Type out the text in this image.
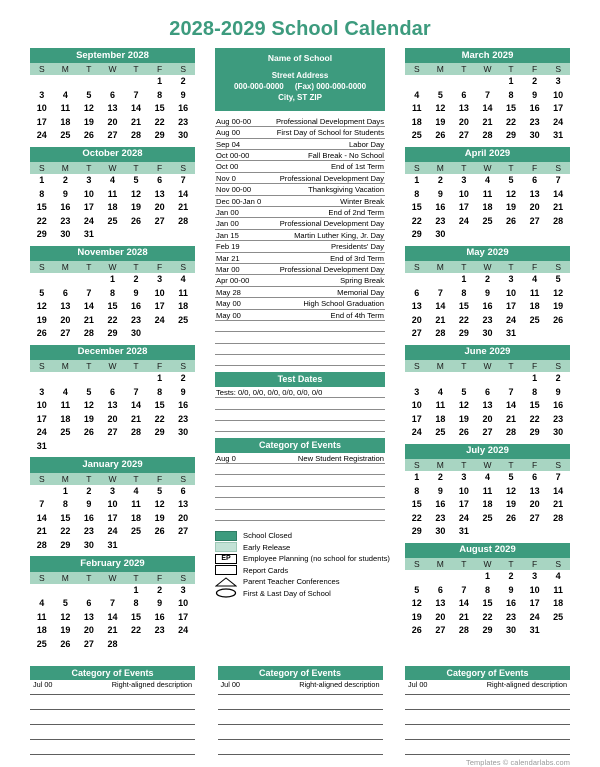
2028-2029 School Calendar
September 2028
S	M	T	W	T	F	S
					1	2
3	4	5	6	7	8	9
10	11	12	13	14	15	16
17	18	19	20	21	22	23
24	25	26	27	28	29	30
October 2028
S	M	T	W	T	F	S
1	2	3	4	5	6	7
8	9	10	11	12	13	14
15	16	17	18	19	20	21
22	23	24	25	26	27	28
29	30	31				
November 2028
S	M	T	W	T	F	S
			1	2	3	4
5	6	7	8	9	10	11
12	13	14	15	16	17	18
19	20	21	22	23	24	25
26	27	28	29	30		
December 2028
S	M	T	W	T	F	S
					1	2
3	4	5	6	7	8	9
10	11	12	13	14	15	16
17	18	19	20	21	22	23
24	25	26	27	28	29	30
31						
January 2029
S	M	T	W	T	F	S
	1	2	3	4	5	6
7	8	9	10	11	12	13
14	15	16	17	18	19	20
21	22	23	24	25	26	27
28	29	30	31			
February 2029
S	M	T	W	T	F	S
				1	2	3
4	5	6	7	8	9	10
11	12	13	14	15	16	17
18	19	20	21	22	23	24
25	26	27	28			
Name of School
Street Address
000-000-0000 (Fax) 000-000-0000
City, ST ZIP
Aug 00-00	Professional Development Days
Aug 00	First Day of School for Students
Sep 04	Labor Day
Oct 00-00	Fall Break - No School
Oct 00	End of 1st Term
Nov 0	Professional Development Day
Nov 00-00	Thanksgiving Vacation
Dec 00-Jan 0	Winter Break
Jan 00	End of 2nd Term
Jan 00	Professional Development Day
Jan 15	Martin Luther King, Jr. Day
Feb 19	Presidents' Day
Mar 21	End of 3rd Term
Mar 00	Professional Development Day
Apr 00-00	Spring Break
May 28	Memorial Day
May 00	High School Graduation
May 00	End of 4th Term
Test Dates
Tests: 0/0, 0/0, 0/0, 0/0, 0/0, 0/0

Category of Events
Aug 0	New Student Registration
School Closed
Early Release
EP	Employee Planning (no school for students)
Report Cards
Parent Teacher Conferences
First & Last Day of School
March 2029
S	M	T	W	T	F	S
				1	2	3
4	5	6	7	8	9	10
11	12	13	14	15	16	17
18	19	20	21	22	23	24
25	26	27	28	29	30	31
April 2029
S	M	T	W	T	F	S
1	2	3	4	5	6	7
8	9	10	11	12	13	14
15	16	17	18	19	20	21
22	23	24	25	26	27	28
29	30					
May 2029
S	M	T	W	T	F	S
		1	2	3	4	5
6	7	8	9	10	11	12
13	14	15	16	17	18	19
20	21	22	23	24	25	26
27	28	29	30	31		
June 2029
S	M	T	W	T	F	S
					1	2
3	4	5	6	7	8	9
10	11	12	13	14	15	16
17	18	19	20	21	22	23
24	25	26	27	28	29	30
July 2029
S	M	T	W	T	F	S
1	2	3	4	5	6	7
8	9	10	11	12	13	14
15	16	17	18	19	20	21
22	23	24	25	26	27	28
29	30	31				
August 2029
S	M	T	W	T	F	S
			1	2	3	4
5	6	7	8	9	10	11
12	13	14	15	16	17	18
19	20	21	22	23	24	25
26	27	28	29	30	31	
Category of Events
Jul 00	Right-aligned description
Category of Events
Jul 00	Right-aligned description
Category of Events
Jul 00	Right-aligned description
Templates © calendarlabs.com
